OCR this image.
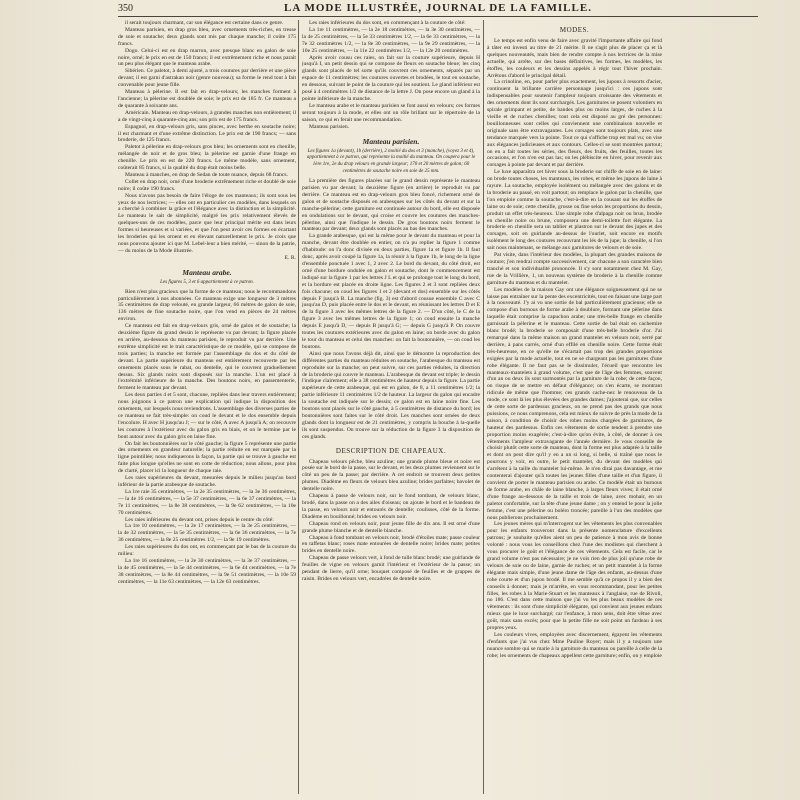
350	LA MODE ILLUSTRÉE, JOURNAL DE LA FAMILLE.

il serait toujours charmant, car son élégance est certaine dans ce genre.

Manteau parisien, en drap gros bleu, avec ornements très-riches, en tresse de soie et soutache; deux glands sont mis par chaque manche; il coûte 175 francs.

Dogo. Celui-ci est en drap marron, avec presque blanc en galon de soie noire, orné; le prix en est de 150 francs; il est extrêmement riche et nous paraît un peu plus élégant que le manteau arabe.

Sibérien. Ce paletot, à demi ajusté, a trois coutures par derrière et une pièce devant; il est garni d'astrakan noir (genre nouveau); sa forme le rend tout à fait convenable pour jeune fille.

Manteau à pèlerine. Il est fait en drap-velours; les manches forment à l'ancienne; la pèlerine est doublée de soie; le prix est de 185 fr. Ce manteau a de quarante à soixante ans.

Américain. Manteau en drap-velours, à grandes manches non entièrement; il a de vingt-cinq à quarante-cinq ans; son prix est de 175 francs.

Espagnol, en drap-velours gris, sans pinces, avec berthe en soutache noire; il est charmant et d'une extrême distinction. Le prix est de 190 francs; — sans broderie, de 125 francs.

Paletot à pèlerine en drap-velours gros bleu; les ornements sont en chenille, mélangée de noir et de gros bleu; la pèlerine est garnie d'une frange en chenille. Le prix en est de 220 francs. Le même modèle, sans ornement, coûterait 85 francs, si la qualité du drap était moins belle.

Manteau à manches, en drap de Sedan de toute nuance, depuis 68 francs.

Collet en drap noir, orné d'une broderie extrêmement riche et doublé de soie noire; il coûte 190 francs.

Nous n'avons pas besoin de faire l'éloge de ces manteaux; ils sont sous les yeux de nos lectrices; — elles ont en particulier ces modèles, dans lesquels on a cherché à combiner la grâce et l'élégance avec la distinction et la simplicité. Le manteau le sait de simplicité, malgré les prix relativement élevés de quelques-uns de ces modèles, parce que leur principal mérite est dans leurs formes si heureuses et si variées, et que l'on peut avoir ces formes en écartant les broderies qui les ornent et en élevant naturellement le prix. Je crois que nous pouvons ajouter ici que M. Lebel-leur a bien mérité, — sinon de la patrie, — du moins de la Mode illustrée.

E. R.
Manteau arabe.
Les figures 5, 3 et 6 appartiennent à ce patron.

Rien n'est plus gracieux que la forme de ce manteau; nous le recommandons particulièrement à nos abonnées. Ce manteau exige une longueur de 3 mètres 35 centimètres de drap velouté, en grande largeur, 66 mètres de galon de soie, 136 mètres de fine soutache noire, que l'on vend en pièces de 24 mètres environ.

Ce manteau est fait en drap-velours gris, orné de galon et de soutache; la deuxième figure du grand dessin le représente vu par devant; la figure placée en arrière, au-dessous du manteau parisien, le reproduit vu par derrière. Une extrême simplicité est le trait caractéristique de ce modèle, qui se compose de trois parties; la manche est formée par l'assemblage du dos et du côté de devant. La partie supérieure du manteau est entièrement recouverte par les ornements placés sous le rabat, ou dentelle, qui le couvrent graduellement dessus. Six glands noirs sont disposés sur la manche. L'un est placé à l'extrémité inférieure de la manche. Des boutons noirs, en passementerie, ferment le manteau par devant.

Les deux parties 4 et 5 sont, chacune, repliées dans leur travers entièrement; nous joignons à ce patron une explication qui indique la disposition des ornements, sur lesquels nous reviendrons. L'assemblage des diverses parties de ce manteau se fait très-simple: on coud le devant et le dos ensemble depuis l'encolure. H avec H jusqu'au J; — sur le côté, A avec A jusqu'à A; on recouvre les coutures à l'extérieur avec du galon gris en biais, et on le termine par le bout autour avec du galon gris en laine fine.

On fait les boutonnières sur le côté gauche; la figure 5 représente une partie des ornements en grandeur naturelle; la partie réduite en est marquée par la ligne pointillée; nous indiquerons la façon, la partie qui se trouve à gauche est faite plus longue qu'elles ne sont en cotte de réduction; nous allons, pour plus de clarté, placer ici la longueur de chaque raie.

Les raies supérieures du devant, mesurées depuis le milieu jusqu'au bord inférieur de la partie arabesque de soutache.

La 1re raie 35 centimètres, — la 2e 35 centimètres, — la 3e 36 centimètres, — la 4e 16 centimètres, — la 5e 37 centimètres, — la 6e 37 centimètres, — la 7e 11 centimètres, — la 8e 38 centimètres, — la 9e 62 centimètres, — la 10e 70 centimètres.

Les raies inférieures du devant ont, prises depuis le centre du côté:

La 1re 10 centimètres, — la 2e 17 centimètres, — la 3e 25 centimètres, — la 4e 32 centimètres, — la 5e 35 centimètres, — la 6e 36 centimètres, — la 7e 36 centimètres, — la 8e 25 centimètres 1/2, — la 9e 19 centimètres.

Les raies supérieures du dos ont, en commençant par le bas de la couture du milieu:

La 1re 16 centimètres, — la 2e 30 centimètres, — la 3e 37 centimètres, — la 4e 45 centimètres, — la 5e 44 centimètres, — la 6e 44 centimètres, — la 7e 38 centimètres, — la 8e 44 centimètres, — la 9e 51 centimètres, — la 10e 59 centimètres, — la 11e 63 centimètres, — la 12e 63 centimètres.

Les raies inférieures du dos sont, en commençant à la couture de côté:

La 1re 11 centimètres, — la 2e 18 centimètres, — la 3e 30 centimètres, — la 4e 25 centimètres, — la 5e 33 centimètres 1/2, — la 6e 33 centimètres, — la 7e 32 centimètres 1/2, — la 8e 30 centimètres, — la 9e 29 centimètres, — la 10e 25 centimètres, — la 11e 22 centimètres 1/2, — la 12e 20 centimètres.

Après avoir cousu ces raies, on fait sur la couture supérieure, depuis H jusqu'à I, un petit dessin qui se compose de fleurs en soutache bleue; les cinq glands sont placés de tel sorte qu'ils couvrent ces ornements, séparés par un espace de 11 centimètres; les coutures ouvertes et brodées, le tout en soutache, en dessous, suivant le point de la couture qui les soutient. Le gland inférieur est posé à 4 centimètres 1/2 de distance de la lettre J. On pose encore un gland à la pointe inférieure de la manche.

Le manteau arabe et le manteau parisien se font aussi en velours; ces formes seront toujours à la mode, et elles ont un rôle brillant sur le répertoire de la saison, ce qui en ferait une recommandation.

Manteau parisien.

Manteau parisien.
Les figures 1a (devant), 1b (derrière), 2 moitié du dos et 3 (manche), (voyez 3 et 4), appartiennent à ce patron, qui représente la moitié du manteau. On coupera pour le 1ère 1re, 2e du drap velours en grande largeur; 170 et 20 mètres de galon; 60 centimètres de soutache noire en soie de 25 mm.

La première des figures placées sur le grand dessin représente le manteau parisien vu par devant; la deuxième figure (en arrière) le reproduit vu par derrière. Ce manteau est en drap-velours gros bleu foncé, richement orné de galon et de soutache disposés en arabesques sur les côtés du devant et sur la manche-pèlerine; cette garniture est continuée autour du bord, elle est disposée en ondulations sur le devant, qui croise et couvre les coutures des manches-pèlerine, ainsi que l'indique le dessin. De gros boutons noirs ferment le manteau par devant; deux glands sont placés au bas des manches.

La grande arabesque, qui est la même pour le devant du manteau et pour la manche, devant être doublée en entier, on n'a pu replier la figure 1 comme d'habitude: on l'a donc divisée en deux parties, figure 1a et figure 1b. Il faut donc, après avoir coupé la figure 1a, la réunir à la figure 1b, le long de la ligne d'ensemble ponctuée 1 avec 1, 2 avec 2. Le bord du devant, du côté droit, est orné d'une bordure ondulée en galon et soutache, dont le commencement est indiqué sur la figure 1 par les lettres J L et qui se prolonge tout le long du bord, et la bordure est placée en droite ligne. Les figures 2 et 3 sont repliées deux fois chacune; on coud les figures 1 et 2 (devant et dos) ensemble sur les côtés depuis F jusqu'à B. La manche (fig. 3) est d'abord cousue ensemble C avec C jusqu'au D, puis placée entre le dos et le devant, en réunissant les lettres D et E de la figure 3 avec les mêmes lettres de la figure 2. — D'un côté, le C de la figure 3 avec les mêmes lettres de la figure 1; on coud ensuite la manche depuis E jusqu'à D, — depuis B jusqu'à G; — depuis G jusqu'à P. On couvre toutes les coutures extérieures avec du galon en laine; on borde avec du galon le tour du manteau et celui des manches: on fait la boutonnière, — on coud les boutons.

Ainsi que nous l'avons déjà dit, ainsi que le démontre la reproduction des différentes parties du manteau réduites en soutache, l'arabesque du manteau est reproduite sur la manche; on peut suivre, sur ces parties réduites, la direction de la broderie qui couvre le manteau. L'arabesque du devant est triple; le dessin l'indique clairement; elle a 38 centimètres de hauteur depuis la figure. La partie supérieure de cette arabesque, qui est en galon, de 8, a 11 centimètres 1/2; la partie inférieure 11 centimètres 1/2 de hauteur. La largeur du galon qui encadre la soutache est indiquée sur le dessin; ce galon est en laine noire fine. Les boutons sont placés sur le côté gauche, à 5 centimètres de distance du bord; les boutonnières sont faites sur le côté droit. Les manches sont ornées de deux glands dont la longueur est de 21 centimètres, y compris la bouche à la-quelle ils sont suspendus. On trouve sur la réduction de la figure 3 la disposition de ces glands.

DESCRIPTION DE CHAPEAUX.

Chapeau velours pêche, bleu azuline; une grande plume bleue et noire est posée sur le bord de la passe, sur le devant, et les deux plumes reviennent sur le côté un peu de la passe; par derrière. A cet endroit se trouvent deux petites plumes. Diadème en fleurs de velours bleu azuline; brides parfaites; bavolet de dentelle noire.

Chapeau à passe de velours noir, sur le fond tombant, de velours blanc, brodé, dans la passe on a des ailes d'oiseau; on ajoute le bord et le bandeau de la passe, en velours noir et entourés de dentelle; coulisses, côté de la forme. Diadème en bouillonné; brides en velours noir.

Chapeau rond en velours noir, pour jeune fille de dix ans. Il est orné d'une grande plume blanche et de dentelle blanche.

Chapeau à fond tombant en velours noir, brodé d'étoiles mate; passe couleur en taffetas blanc; roses mate entourées de dentelle noire; brides mate; petites brides en dentelle noire.

Chapeau de passe velours vert, à fond de tulle blanc brodé; une guirlande de feuilles de vigne en velours garnit l'intérieur et l'extérieur de la passe; un pendant de lierre, qu'il orne; bouquet composé de feuilles et de grappes de raisin. Brides en velours vert, encadrées de dentelle noire.

MODES.

Le temps est enfin venu de faire avec gravité l'importante affaire qui fond à tâter est investi au titre de 21 mérite. Il ne s'agit plus de placer ça et là quelques nouveautés, mais bien de rendre compte à nos lectrices de la mise actuelle, qui arrête, sur des bases définitives, les formes, les modèles, les étoffes, les couleurs et les dessins appelés à régir tout l'hiver prochain. Arrêtons d'abord le principal détail.

La crinoline, en, pour parler plus exactement, les jupons à ressorts d'acier, continuent la brillante carrière personnage jusqu'ici : ces jupons sont indispensables pour soutenir l'ampleur toujours croissante des vêtements et des ornements dont ils sont surchargés. Les garnitures se posent volontiers en spirale grimpant et petite, de bandes plus ou moins larges, de ruches à la vieille et de ruches chenilles; tout cela est disposé au gré des personnes: bouillonneuses sont celles qui conviennent une combinaison nouvelle et originale sans être extravagantes. Les corsages sont toujours plats, avec une tendance marquée vers la pointe. Tout ce qui s'affiche trop est mal vu; on vise aux élégances judicieuses et aux contours. Celles-ci se sont montrées partout; on en a fait toutes les séries, des fleurs, des fruits, des feuilles, toutes les occasions, et l'on n'en est pas las; on les plébiscite en hiver, pour revenir aux corsages à pointe par devant et par derrière.

Le luxe apparaîtra cet hiver sous la broderie sur chiffe de soie en de laine: on brode toutes choses, les manteaux, les robes, et même les jupons de laine à rayure. La soutache, employée isolément ou mélangée avec des galons et de la broderie au passé, en voit partout; on remplace le galon par la chenille, que l'on emploie comme la soutache, c'est-à-dire en la cousant sur les étoffes de laine ou de soie; cette chenille, grosse ou fine selon les proportions du dessin, produit un effet très-heureux. Une simple robe d'alpaga noir ou brun, brodée en chenille noire ou brune, composera une demi-toilette fort élégante. La broderie en chenille sera un tablier et plastron sur le devant des jupes et des corsages, soit en guirlande au-dessus de l'ourlet, soit encore en motifs isolément le long des coutures recouvrant les lés de la jupe; la chenille, si l'on sait nous maintenant, se mélange aux garnitures de velours et de soie.

Pat visite, dans l'intérieur des modèles, la plupart des grandes maisons de couture; j'en rendrai compte successivement, car chacune a son caractère bien tranché et son individualité prononcée. Il s'y sont notamment chez M. Gay, rue de la Vrillière, 1, un nouveau système de broderie à la chenille comme garniture du manteau et du mantelet.

Les modèles de la maison Gay ont une élégance soigneusement qui ne se laisse pas entraîner sur la pente des excentricités, tout en faisant une large part à la nouveauté. J'y ai vu une sortie de bal particulièrement gracieuse; elle se compose d'un burnous de forme arabe à doublure, formant une pèlerine dans laquelle était comprise la capuchon arabe; une très-belle frange en chenille garnissait la pèlerine et le manteau. Cette sortie de bal était en cachemire blanc brodé; la broderie se composait d'une très-belle broderie d'or. J'ai remarqué dans la même maison un grand mantelet en velours noir, serré par derrière, à pans carrés, orné d'un effilé en chenille noire. Cette forme était très-heureuse, en ce qu'elle ne s'écartait pas trop des grandes proportions exigées par la mode actuelle, tout en ne se chargeant pas les garnitures d'une robe élégante. Il ne faut pas se le dissimuler, l'écueil que rencontre les manteaux-mantelets à grand volume, c'est que de l'âge des femmes, souvent d'un an ou deux ils sont surmontés par la garniture de la robe; de cette façon, on risque de se mettre en défaut d'élégance; on s'en écarte, se montrant ridicule de même que l'homme; ces grands cache-nez le renouveau de la mode, ce sont là les plus élevées des grandes dames; j'ajouterai que, sur celles de cette sorte de pardessus gracieux, on ne prend pas des grands que nous puissions, ce nous comprenons, cela est mieux de suivre de près la mode de la saison, à condition de choisir des robes moins chargées de garnitures, de hauteur des pardessus. Enfin ces vêtements de sortie tendent à prendre une proportion moins exagérée; c'est-à-dire qu'on évite, à côté, de donner à ces vêtements l'ampleur extravagante de l'année dernière. Je vous conseille de choisir plutôt cette sorte de manteau, dont la forme est plus adaptée à la taille et dont on peut dire qu'il y en a un si long, si belle, si traîné que nous le pourrons y voir, en outre, le petit mantelet, du devant des modèles qui s'arrêtent à la taille du mantelet lui-même. Je n'en dirai pas davantage, et me contenterai d'ajouter qu'à toutes les jeunes filles d'une taille et d'un figure, il convient de porter le manteau parisien ou arabe. Ce modèle était un burnous de forme arabe, en châle de laine blanche, à larges fleurs vives; il était orné d'une frange au-dessous de la taille et trois de laine, avec mohair, en un paletot confortable, sur la tête d'une jeune dame ; on y entend le pour la jolie femme, c'est une pèlerine ou boléro troncée; pareille à l'un des modèles que nous publierons prochainement.

Les jeunes mères qui m'interrogent sur les vêtements les plus convenables pour les enfants trouveront dans la présente nomenclature d'excellents patrons; je souhaite qu'elles aient un peu de patience à mon avis de bonne volonté : nous vous les conseillons chez l'une des modistes qui cherchent à vous procurer le goût et l'élégance de ces vêtements. Cela est facile, car le grand volume n'est pas nécessaire; je ne vois rien de plus joli qu'une robe de velours de soie ou de laine, garnie de ruches; et un petit mantelet à la forme élégante mais simple, d'une jeune dame de l'âge des enfants, au-dessus d'une robe courte et d'un jupon brodé. Il me semble qu'à ce propos il y a bien des conseils à donner; mais je m'arrête, en vous recommandant, pour les petites filles, les robes à la Marie-Stuart et les manteaux à l'anglaise, rue de Rivoli, no 186. C'est dans cette maison que j'ai vu les plus beaux modèles de ces vêtements : ils sont d'une simplicité élégante, qui convient aux jeunes enfants mieux que le luxe surchargé; car l'enfance, à mon sens, doit être vêtue avec goût, mais sans excès; pour que la petite fille ne soit point un fardeau à ses propres yeux.

Les couleurs vives, employées avec discernement, égayent les vêtements d'enfants que j'ai vus chez Mme Pauline Royer; mais il y a toujours une nuance sombre qui se marie à la garniture du manteau ou pareille à celle de la robe; les ornements de chapeaux appellent cette garniture; enfin, on y emploie
